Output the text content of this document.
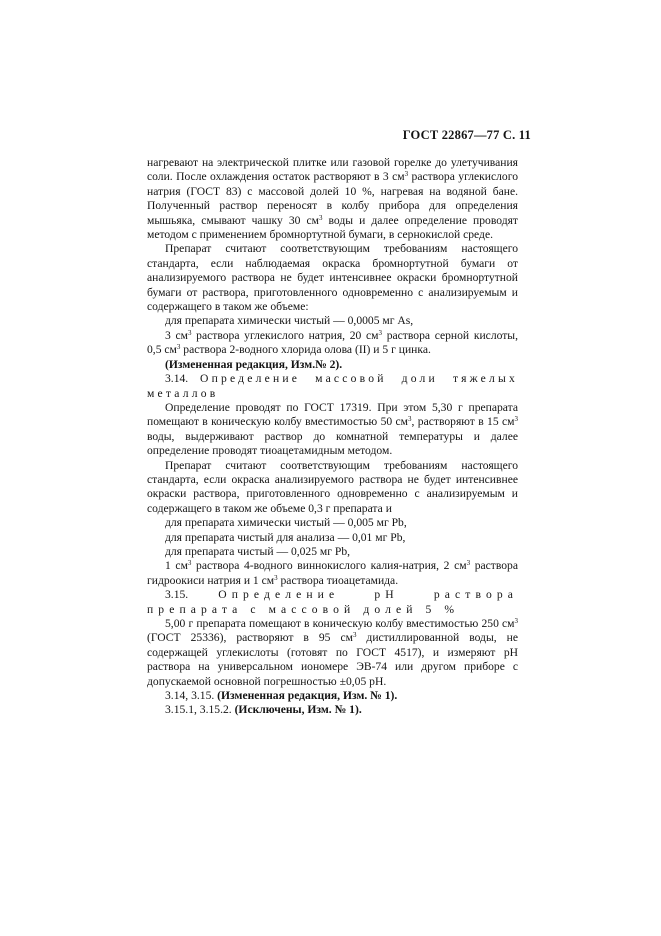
ГОСТ 22867—77 С. 11

нагревают на электрической плитке или газовой горелке до улетучивания соли. После охлаждения остаток растворяют в 3 $см^3$ раствора углекислого натрия (ГОСТ 83) с массовой долей 10 %, нагревая на водяной бане. Полученный раствор переносят в колбу прибора для определения мышьяка, смывают чашку 30 $см^3$ воды и далее определение проводят методом с применением бромнортутной бумаги, в сернокислой среде.

Препарат считают соответствующим требованиям настоящего стандарта, если наблюдаемая окраска бромнортутной бумаги от анализируемого раствора не будет интенсивнее окраски бромнортутной бумаги от раствора, приготовленного одновременно с анализируемым и содержащего в таком же объеме:

для препарата химически чистый — 0,0005 мг As,

3 $см^3$ раствора углекислого натрия, 20 $см^3$ раствора серной кислоты, 0,5 $см^3$ раствора 2-водного хлорида олова (II) и 5 г цинка.

(Измененная редакция, Изм.№ 2).

3.14. Определение массовой доли тяжелых металлов

Определение проводят по ГОСТ 17319. При этом 5,30 г препарата помещают в коническую колбу вместимостью 50 $см^3$, растворяют в 15 $см^3$ воды, выдерживают раствор до комнатной температуры и далее определение проводят тиоацетамидным методом.

Препарат считают соответствующим требованиям настоящего стандарта, если окраска анализируемого раствора не будет интенсивнее окраски раствора, приготовленного одновременно с анализируемым и содержащего в таком же объеме 0,3 г препарата и

для препарата химически чистый — 0,005 мг Pb,

для препарата чистый для анализа — 0,01 мг Pb,

для препарата чистый — 0,025 мг Pb,

1 $см^3$ раствора 4-водного виннокислого калия-натрия, 2 $см^3$ раствора гидроокиси натрия и 1 $см^3$ раствора тиоацетамида.

3.15. Определение pH раствора препарата с массовой долей 5 %

5,00 г препарата помещают в коническую колбу вместимостью 250 $см^3$ (ГОСТ 25336), растворяют в 95 $см^3$ дистиллированной воды, не содержащей углекислоты (готовят по ГОСТ 4517), и измеряют pH раствора на универсальном иономере ЭВ-74 или другом приборе с допускаемой основной погрешностью ±0,05 pH.

3.14, 3.15. (Измененная редакция, Изм. № 1).

3.15.1, 3.15.2. (Исключены, Изм. № 1).
